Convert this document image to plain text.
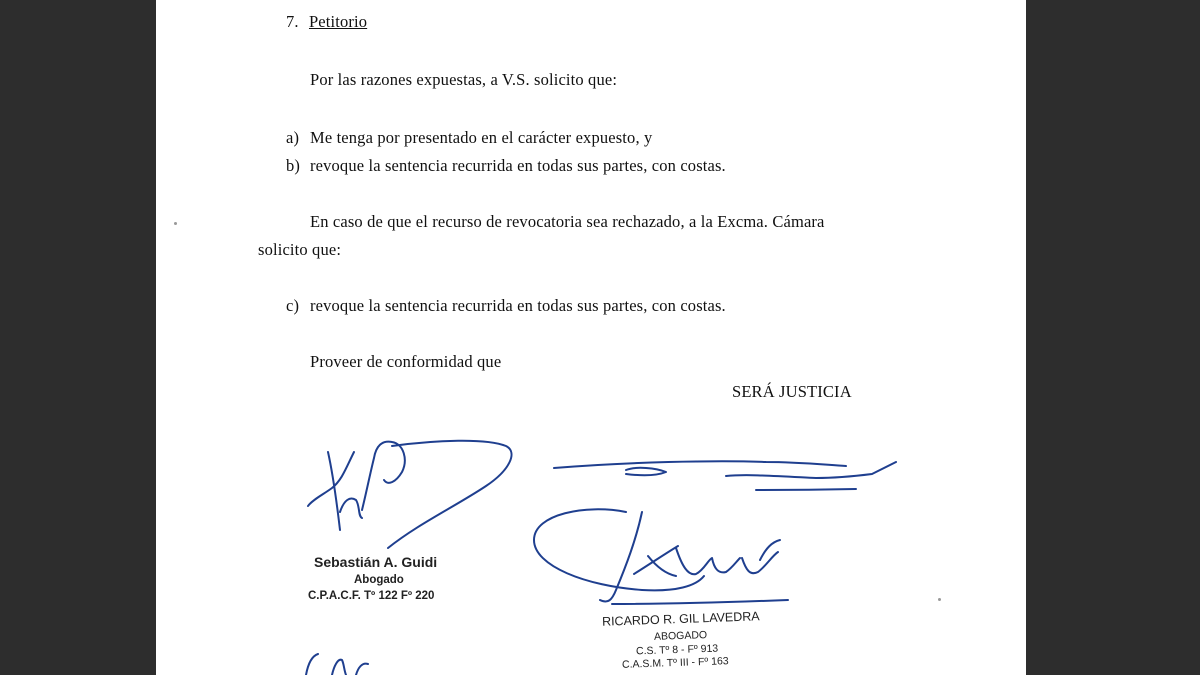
7. Petitorio
Por las razones expuestas, a V.S. solicito que:
a) Me tenga por presentado en el carácter expuesto, y
b) revoque la sentencia recurrida en todas sus partes, con costas.
En caso de que el recurso de revocatoria sea rechazado, a la Excma. Cámara
solicito que:
c) revoque la sentencia recurrida en todas sus partes, con costas.
Proveer de conformidad que
SERÁ JUSTICIA
Sebastián A. Guidi
Abogado
C.P.A.C.F. Tº 122 Fº 220
RICARDO R. GIL LAVEDRA
ABOGADO
C.S. Tº 8 - Fº 913
C.A.S.M. Tº III - Fº 163
